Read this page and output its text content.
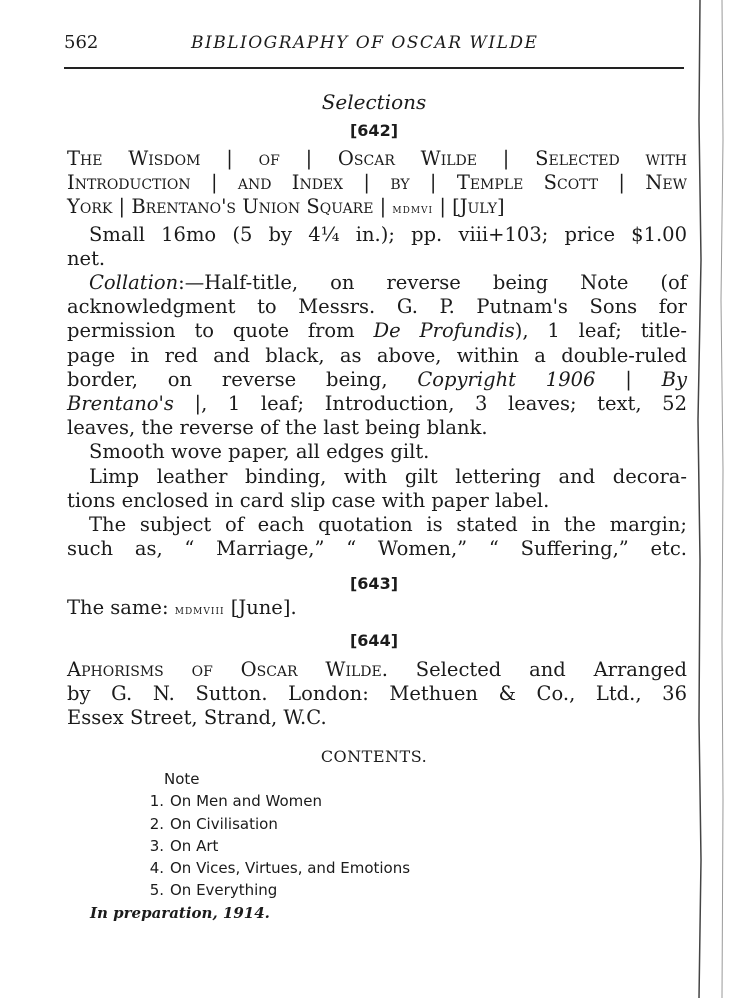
562	BIBLIOGRAPHY OF OSCAR WILDE
Selections
[642]
The Wisdom | of | Oscar Wilde | Selected with
Introduction | and Index | by | Temple Scott | New
York | Brentano's Union Square | mdmvi | [July]
Small 16mo (5 by 4¼ in.); pp. viii+103; price $1.00
net.
Collation:—Half-title, on reverse being Note (of
acknowledgment to Messrs. G. P. Putnam's Sons for
permission to quote from De Profundis), 1 leaf; title-
page in red and black, as above, within a double-ruled
border, on reverse being, Copyright 1906 | By
Brentano's |, 1 leaf; Introduction, 3 leaves; text, 52
leaves, the reverse of the last being blank.
Smooth wove paper, all edges gilt.
Limp leather binding, with gilt lettering and decora-
tions enclosed in card slip case with paper label.
The subject of each quotation is stated in the margin;
such as, “ Marriage,” “ Women,” “ Suffering,” etc.
[643]
The same: mdmviii [June].
[644]
Aphorisms of Oscar Wilde. Selected and Arranged
by G. N. Sutton. London: Methuen & Co., Ltd., 36
Essex Street, Strand, W.C.
CONTENTS.
Note
1. On Men and Women
2. On Civilisation
3. On Art
4. On Vices, Virtues, and Emotions
5. On Everything
In preparation, 1914.
